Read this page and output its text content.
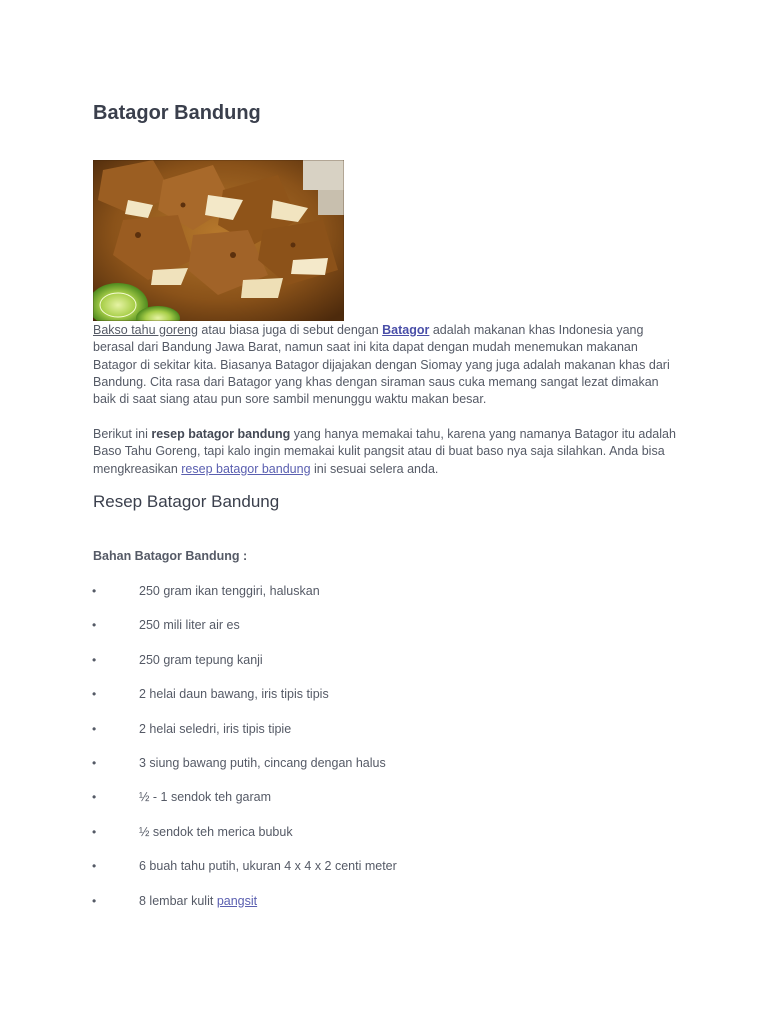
Batagor Bandung

Bakso tahu goreng atau biasa juga di sebut dengan Batagor adalah makanan khas Indonesia yang berasal dari Bandung Jawa Barat, namun saat ini kita dapat dengan mudah menemukan makanan Batagor di sekitar kita. Biasanya Batagor dijajakan dengan Siomay yang juga adalah makanan khas dari Bandung. Cita rasa dari Batagor yang khas dengan siraman saus cuka memang sangat lezat dimakan baik di saat siang atau pun sore sambil menunggu waktu makan besar.

Berikut ini resep batagor bandung yang hanya memakai tahu, karena yang namanya Batagor itu adalah Baso Tahu Goreng, tapi kalo ingin memakai kulit pangsit atau di buat baso nya saja silahkan. Anda bisa mengkreasikan resep batagor bandung ini sesuai selera anda.

Resep Batagor Bandung

Bahan Batagor Bandung :

•	250 gram ikan tenggiri, haluskan
•	250 mili liter air es
•	250 gram tepung kanji
•	2 helai daun bawang, iris tipis tipis
•	2 helai seledri, iris tipis tipie
•	3 siung bawang putih, cincang dengan halus
•	½ - 1 sendok teh garam
•	½ sendok teh merica bubuk
•	6 buah tahu putih, ukuran 4 x 4 x 2 centi meter
•	8 lembar kulit pangsit
